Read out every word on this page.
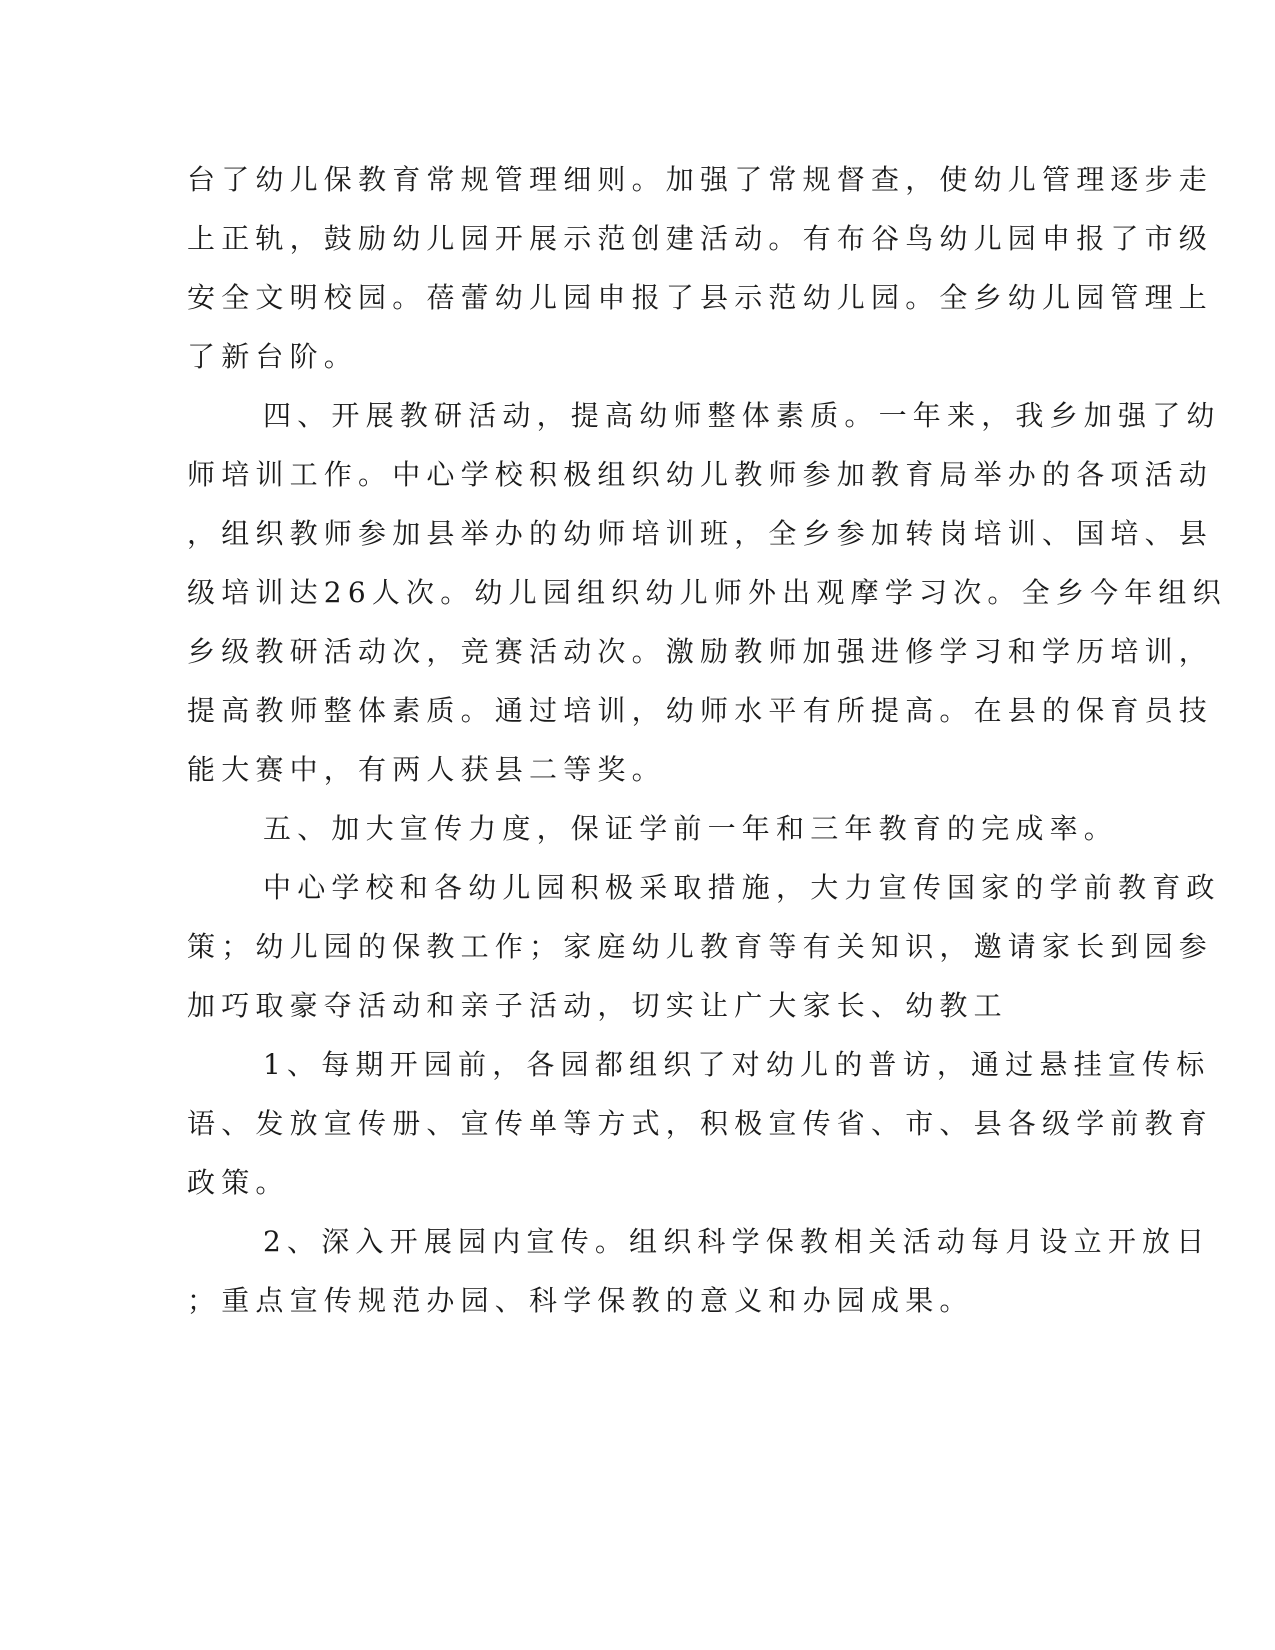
台了幼儿保教育常规管理细则。加强了常规督查，使幼儿管理逐步走
上正轨，鼓励幼儿园开展示范创建活动。有布谷鸟幼儿园申报了市级
安全文明校园。蓓蕾幼儿园申报了县示范幼儿园。全乡幼儿园管理上
了新台阶。
四、开展教研活动，提高幼师整体素质。一年来，我乡加强了幼
师培训工作。中心学校积极组织幼儿教师参加教育局举办的各项活动
，组织教师参加县举办的幼师培训班，全乡参加转岗培训、国培、县
级培训达26人次。幼儿园组织幼儿师外出观摩学习次。全乡今年组织
乡级教研活动次，竞赛活动次。激励教师加强进修学习和学历培训，
提高教师整体素质。通过培训，幼师水平有所提高。在县的保育员技
能大赛中，有两人获县二等奖。
五、加大宣传力度，保证学前一年和三年教育的完成率。
中心学校和各幼儿园积极采取措施，大力宣传国家的学前教育政
策；幼儿园的保教工作；家庭幼儿教育等有关知识，邀请家长到园参
加巧取豪夺活动和亲子活动，切实让广大家长、幼教工
1、每期开园前，各园都组织了对幼儿的普访，通过悬挂宣传标
语、发放宣传册、宣传单等方式，积极宣传省、市、县各级学前教育
政策。
2、深入开展园内宣传。组织科学保教相关活动每月设立开放日
；重点宣传规范办园、科学保教的意义和办园成果。
